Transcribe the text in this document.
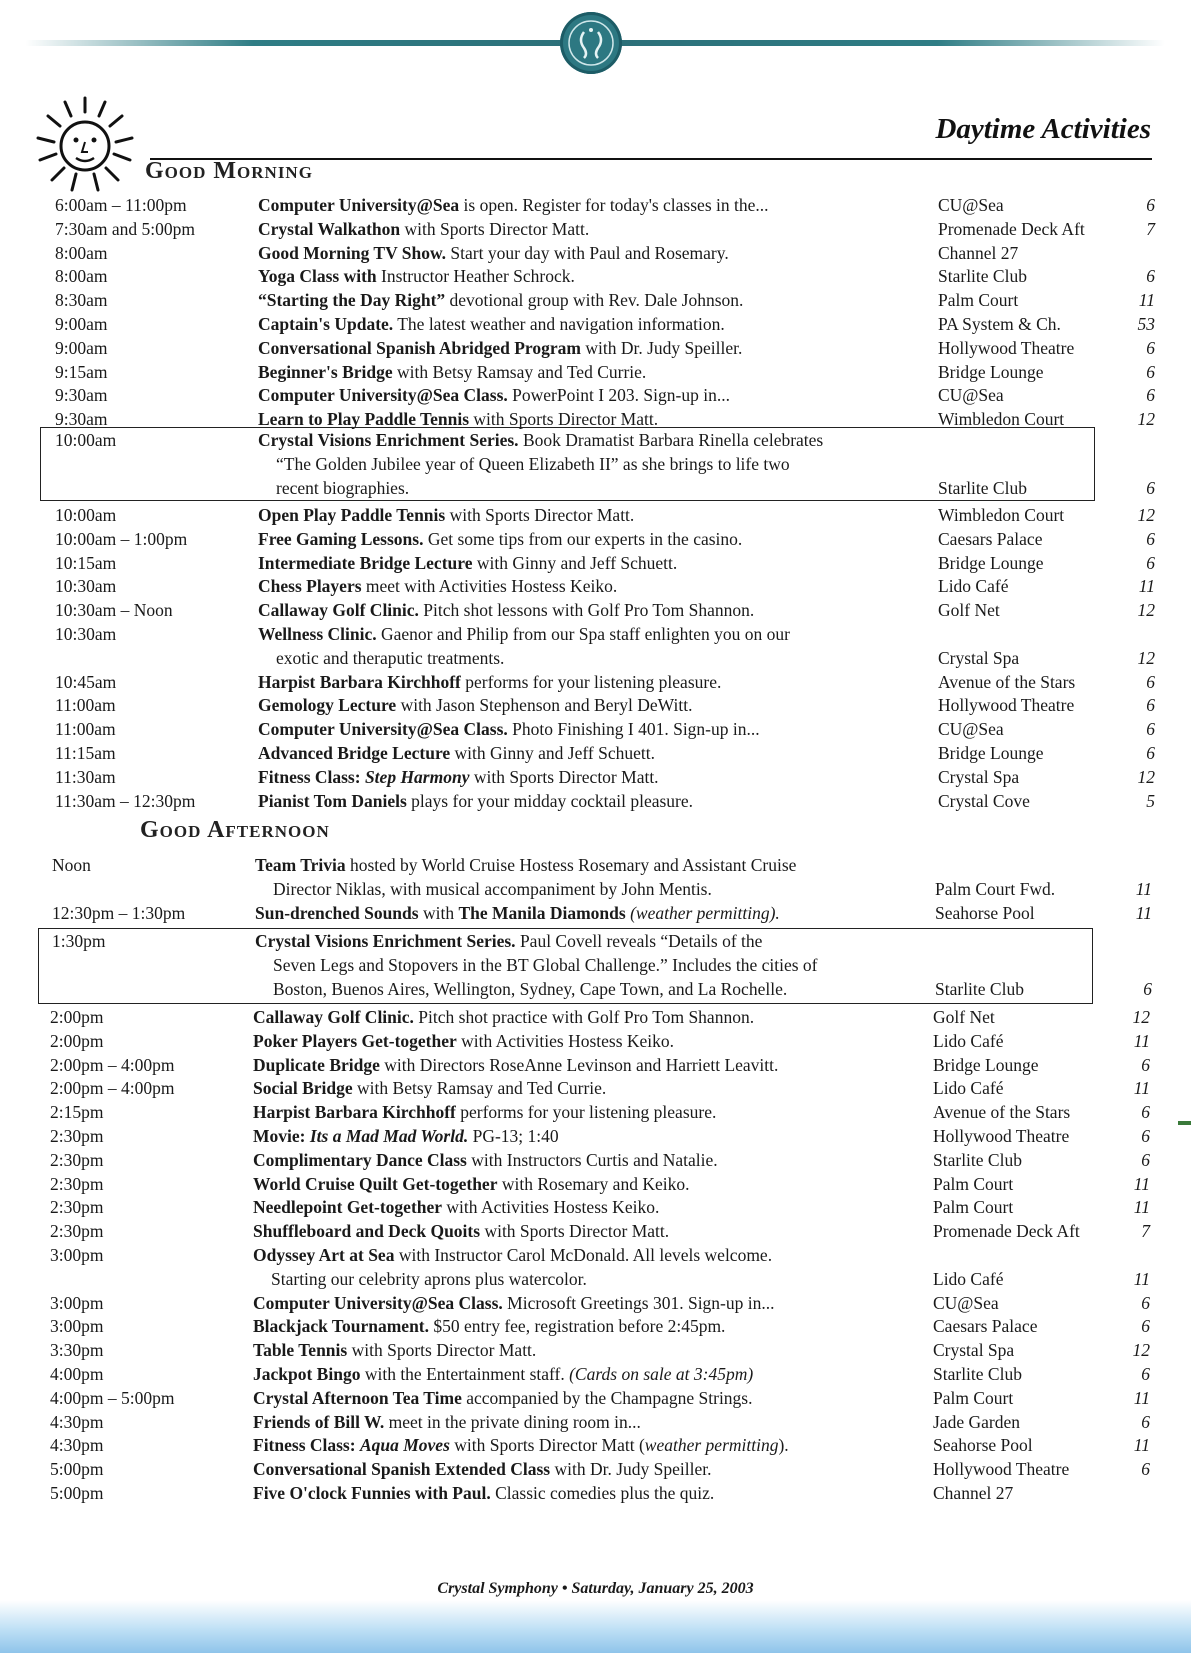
Daytime Activities
Good Morning
6:00am – 11:00pm	Computer University@Sea is open. Register for today's classes in the...	CU@Sea	6
7:30am and 5:00pm	Crystal Walkathon with Sports Director Matt.	Promenade Deck Aft	7
8:00am	Good Morning TV Show. Start your day with Paul and Rosemary.	Channel 27
8:00am	Yoga Class with Instructor Heather Schrock.	Starlite Club	6
8:30am	“Starting the Day Right” devotional group with Rev. Dale Johnson.	Palm Court	11
9:00am	Captain's Update. The latest weather and navigation information.	PA System & Ch.	53
9:00am	Conversational Spanish Abridged Program with Dr. Judy Speiller.	Hollywood Theatre	6
9:15am	Beginner's Bridge with Betsy Ramsay and Ted Currie.	Bridge Lounge	6
9:30am	Computer University@Sea Class. PowerPoint I 203. Sign-up in...	CU@Sea	6
9:30am	Learn to Play Paddle Tennis with Sports Director Matt.	Wimbledon Court	12
10:00am	Crystal Visions Enrichment Series. Book Dramatist Barbara Rinella celebrates
“The Golden Jubilee year of Queen Elizabeth II” as she brings to life two
recent biographies.	Starlite Club	6
10:00am	Open Play Paddle Tennis with Sports Director Matt.	Wimbledon Court	12
10:00am – 1:00pm	Free Gaming Lessons. Get some tips from our experts in the casino.	Caesars Palace	6
10:15am	Intermediate Bridge Lecture with Ginny and Jeff Schuett.	Bridge Lounge	6
10:30am	Chess Players meet with Activities Hostess Keiko.	Lido Café	11
10:30am – Noon	Callaway Golf Clinic. Pitch shot lessons with Golf Pro Tom Shannon.	Golf Net	12
10:30am	Wellness Clinic. Gaenor and Philip from our Spa staff enlighten you on our
exotic and theraputic treatments.	Crystal Spa	12
10:45am	Harpist Barbara Kirchhoff performs for your listening pleasure.	Avenue of the Stars	6
11:00am	Gemology Lecture with Jason Stephenson and Beryl DeWitt.	Hollywood Theatre	6
11:00am	Computer University@Sea Class. Photo Finishing I 401. Sign-up in...	CU@Sea	6
11:15am	Advanced Bridge Lecture with Ginny and Jeff Schuett.	Bridge Lounge	6
11:30am	Fitness Class: Step Harmony with Sports Director Matt.	Crystal Spa	12
11:30am – 12:30pm	Pianist Tom Daniels plays for your midday cocktail pleasure.	Crystal Cove	5
Good Afternoon
Noon	Team Trivia hosted by World Cruise Hostess Rosemary and Assistant Cruise
Director Niklas, with musical accompaniment by John Mentis.	Palm Court Fwd.	11
12:30pm – 1:30pm	Sun-drenched Sounds with The Manila Diamonds (weather permitting).	Seahorse Pool	11
1:30pm	Crystal Visions Enrichment Series. Paul Covell reveals “Details of the
Seven Legs and Stopovers in the BT Global Challenge.” Includes the cities of
Boston, Buenos Aires, Wellington, Sydney, Cape Town, and La Rochelle.	Starlite Club	6
2:00pm	Callaway Golf Clinic. Pitch shot practice with Golf Pro Tom Shannon.	Golf Net	12
2:00pm	Poker Players Get-together with Activities Hostess Keiko.	Lido Café	11
2:00pm – 4:00pm	Duplicate Bridge with Directors RoseAnne Levinson and Harriett Leavitt.	Bridge Lounge	6
2:00pm – 4:00pm	Social Bridge with Betsy Ramsay and Ted Currie.	Lido Café	11
2:15pm	Harpist Barbara Kirchhoff performs for your listening pleasure.	Avenue of the Stars	6
2:30pm	Movie: Its a Mad Mad World. PG-13; 1:40	Hollywood Theatre	6
2:30pm	Complimentary Dance Class with Instructors Curtis and Natalie.	Starlite Club	6
2:30pm	World Cruise Quilt Get-together with Rosemary and Keiko.	Palm Court	11
2:30pm	Needlepoint Get-together with Activities Hostess Keiko.	Palm Court	11
2:30pm	Shuffleboard and Deck Quoits with Sports Director Matt.	Promenade Deck Aft	7
3:00pm	Odyssey Art at Sea with Instructor Carol McDonald. All levels welcome.
Starting our celebrity aprons plus watercolor.	Lido Café	11
3:00pm	Computer University@Sea Class. Microsoft Greetings 301. Sign-up in...	CU@Sea	6
3:00pm	Blackjack Tournament. $50 entry fee, registration before 2:45pm.	Caesars Palace	6
3:30pm	Table Tennis with Sports Director Matt.	Crystal Spa	12
4:00pm	Jackpot Bingo with the Entertainment staff. (Cards on sale at 3:45pm)	Starlite Club	6
4:00pm – 5:00pm	Crystal Afternoon Tea Time accompanied by the Champagne Strings.	Palm Court	11
4:30pm	Friends of Bill W. meet in the private dining room in...	Jade Garden	6
4:30pm	Fitness Class: Aqua Moves with Sports Director Matt (weather permitting).	Seahorse Pool	11
5:00pm	Conversational Spanish Extended Class with Dr. Judy Speiller.	Hollywood Theatre	6
5:00pm	Five O'clock Funnies with Paul. Classic comedies plus the quiz.	Channel 27
Crystal Symphony • Saturday, January 25, 2003
